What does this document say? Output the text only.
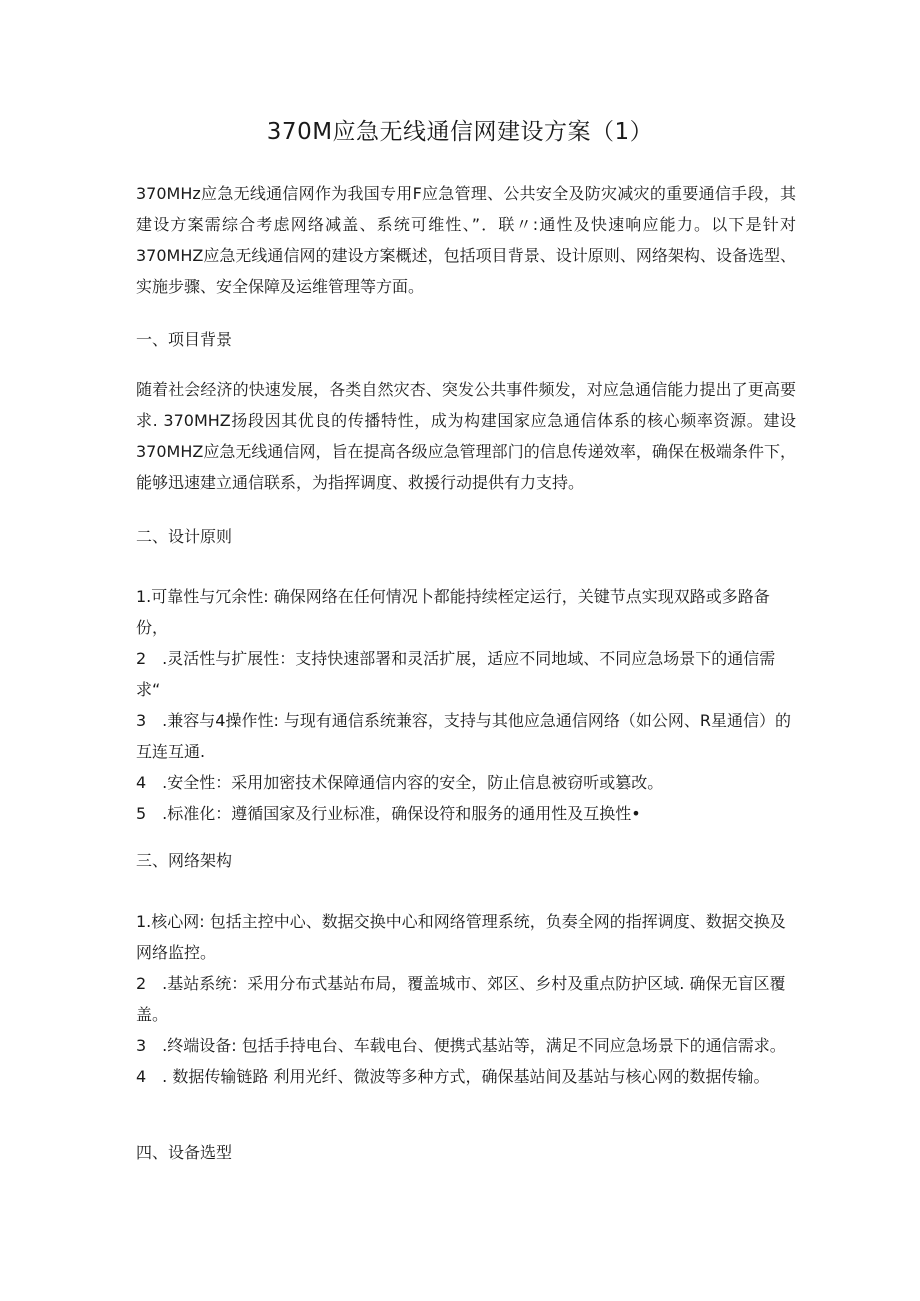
370M应急无线通信网建设方案（1）

370MHz应急无线通信网作为我国专用F应急管理、公共安全及防灾减灾的重要通信手段，其建设方案需综合考虑网络减盖、系统可维性、”．联〃:通性及快速响应能力。以下是针对370MHZ应急无线通信网的建设方案概述，包括项目背景、设计原则、网络架构、设备选型、实施步骤、安全保障及运维管理等方面。

一、项目背景

随着社会经济的快速发展，各类自然灾杏、突发公共事件频发，对应急通信能力提出了更高要求. 370MHZ扬段因其优良的传播特性，成为构建国家应急通信体系的核心频率资源。建设370MHZ应急无线通信网，旨在提高各级应急管理部门的信息传递效率，确保在极端条件下，能够迅速建立通信联系，为指挥调度、救援行动提供有力支持。

二、设计原则
1.可靠性与冗余性: 确保网络在任何情况卜都能持续桎定运行，关键节点实现双路或多路备份，
2　.灵活性与扩展性：支持快速部署和灵活扩展，适应不同地域、不同应急场景下的通信需求“
3　.兼容与4操作性: 与现有通信系统兼容，支持与其他应急通信网络（如公网、R星通信）的互连互通.
4　.安全性：采用加密技术保障通信内容的安全，防止信息被窃听或篡改。
5　.标准化：遵循国家及行业标准，确保设符和服务的通用性及互换性•
三、网络架构
1.核心网: 包括主控中心、数据交换中心和网络管理系统，负奏全网的指挥调度、数据交换及网络监控。
2　.基站系统：采用分布式基站布局，覆盖城市、郊区、乡村及重点防护区域. 确保无盲区覆盖。
3　.终端设备: 包括手持电台、车载电台、便携式基站等，满足不同应急场景下的通信需求。
4　. 数据传输链路 利用光纤、微波等多种方式，确保基站间及基站与核心网的数据传输。
四、设备选型
